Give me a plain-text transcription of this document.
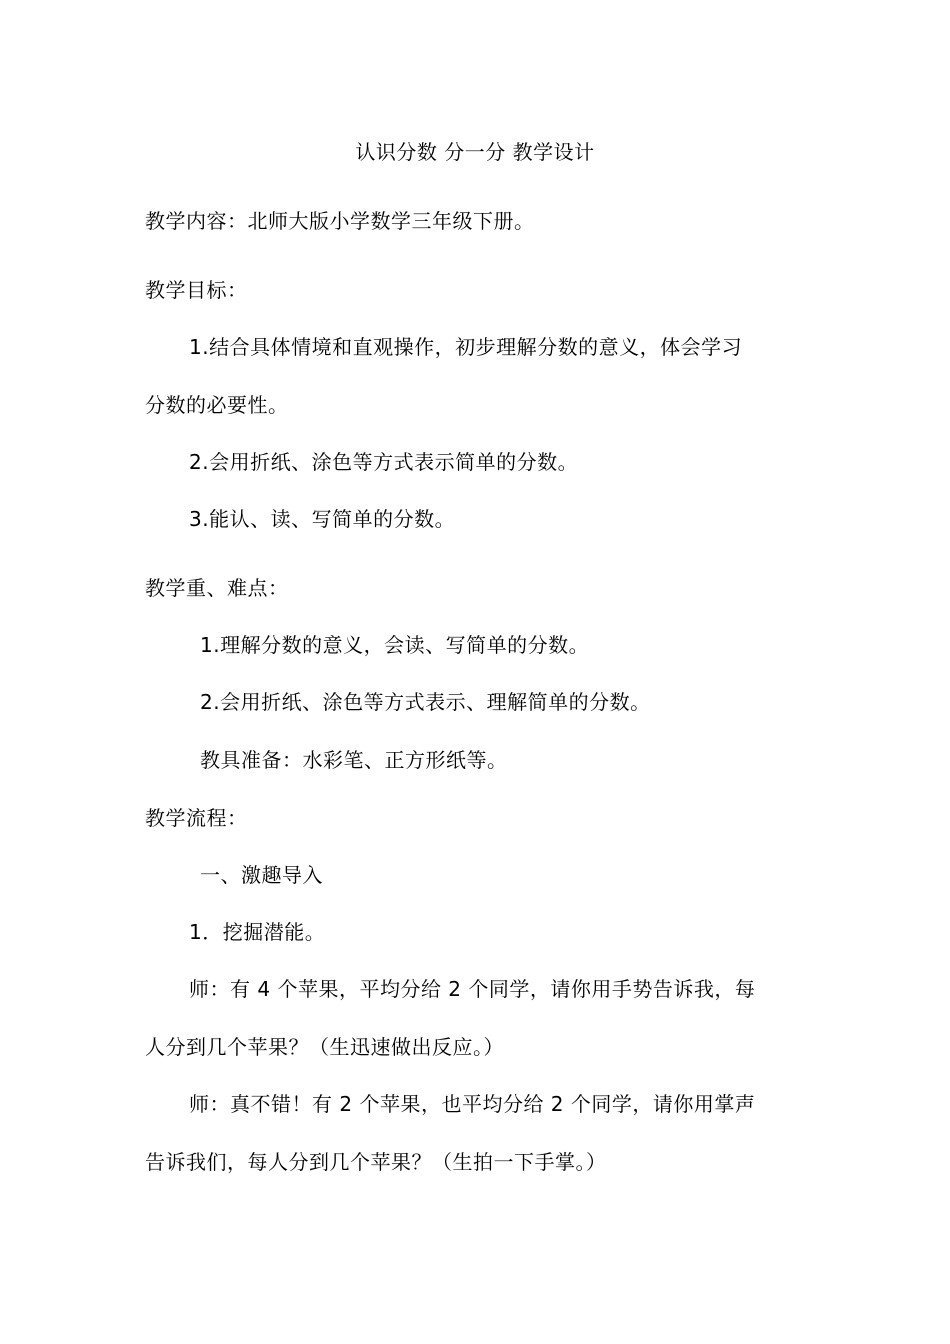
认识分数 分一分 教学设计
教学内容：北师大版小学数学三年级下册。
教学目标：
1.结合具体情境和直观操作，初步理解分数的意义，体会学习
分数的必要性。
2.会用折纸、涂色等方式表示简单的分数。
3.能认、读、写简单的分数。
教学重、难点：
1.理解分数的意义，会读、写简单的分数。
2.会用折纸、涂色等方式表示、理解简单的分数。
教具准备：水彩笔、正方形纸等。
教学流程：
一、激趣导入
1．挖掘潜能。
师：有 4 个苹果，平均分给 2 个同学，请你用手势告诉我，每
人分到几个苹果？（生迅速做出反应。）
师：真不错！有 2 个苹果，也平均分给 2 个同学，请你用掌声
告诉我们，每人分到几个苹果？（生拍一下手掌。）
